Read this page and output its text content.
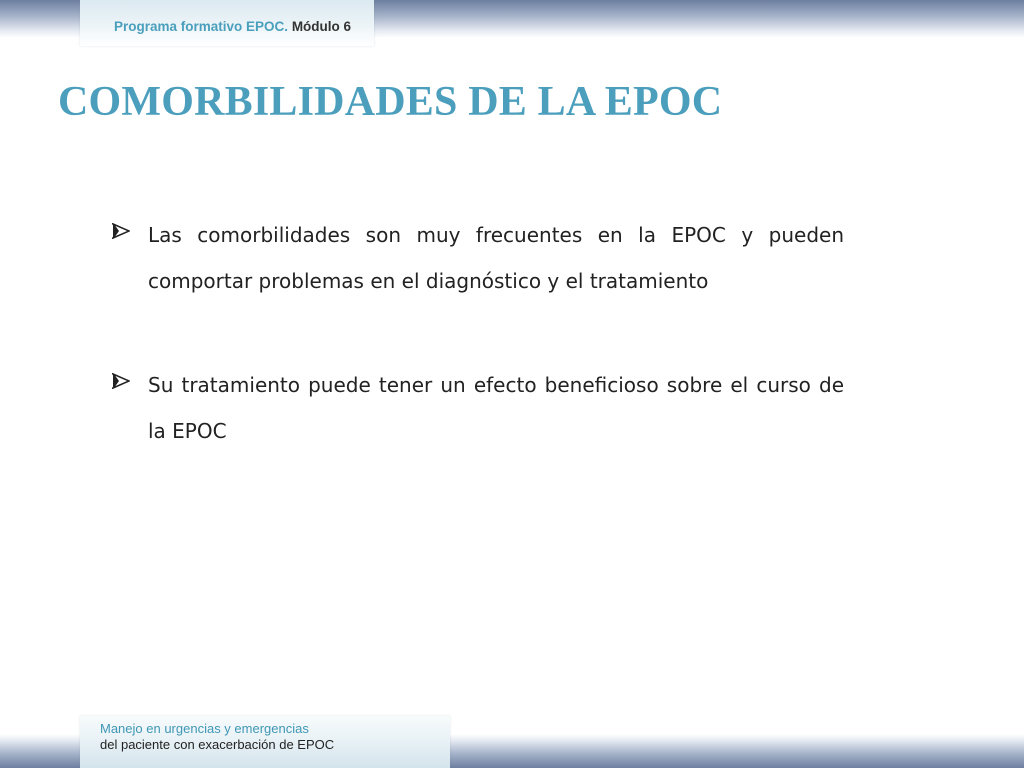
Programa formativo EPOC. Módulo 6
COMORBILIDADES DE LA EPOC
Las comorbilidades son muy frecuentes en la EPOC y pueden comportar problemas en el diagnóstico y el tratamiento
Su tratamiento puede tener un efecto beneficioso sobre el curso de la EPOC
Manejo en urgencias y emergencias
del paciente con exacerbación de EPOC
